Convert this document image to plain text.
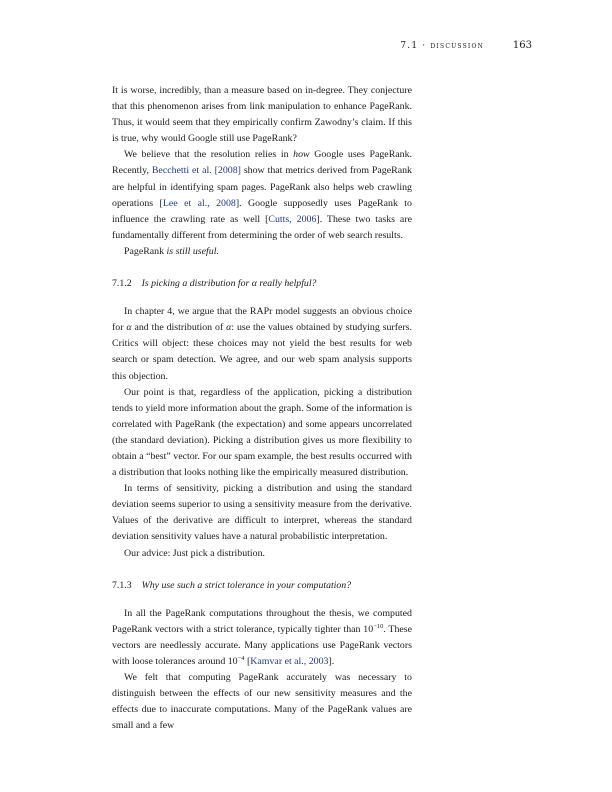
7.1 · discussion	163

It is worse, incredibly, than a measure based on in-degree. They conjecture that this phenomenon arises from link manipulation to enhance PageRank. Thus, it would seem that they empirically confirm Zawodny’s claim. If this is true, why would Google still use PageRank?

We believe that the resolution relies in how Google uses PageRank. Recently, Becchetti et al. [2008] show that metrics derived from PageRank are helpful in identifying spam pages. PageRank also helps web crawling operations [Lee et al., 2008]. Google supposedly uses PageRank to influence the crawling rate as well [Cutts, 2006]. These two tasks are fundamentally different from determining the order of web search results.

PageRank is still useful.

7.1.2 Is picking a distribution for α really helpful?

In chapter 4, we argue that the RAPr model suggests an obvious choice for α and the distribution of α: use the values obtained by studying surfers. Critics will object: these choices may not yield the best results for web search or spam detection. We agree, and our web spam analysis supports this objection.

Our point is that, regardless of the application, picking a distribution tends to yield more information about the graph. Some of the information is correlated with PageRank (the expectation) and some appears uncorrelated (the standard deviation). Picking a distribution gives us more flexibility to obtain a “best” vector. For our spam example, the best results occurred with a distribution that looks nothing like the empirically measured distribution.

In terms of sensitivity, picking a distribution and using the standard deviation seems superior to using a sensitivity measure from the derivative. Values of the derivative are difficult to interpret, whereas the standard deviation sensitivity values have a natural probabilistic interpretation.

Our advice: Just pick a distribution.

7.1.3 Why use such a strict tolerance in your computation?

In all the PageRank computations throughout the thesis, we computed PageRank vectors with a strict tolerance, typically tighter than $10^{-10}$. These vectors are needlessly accurate. Many applications use PageRank vectors with loose tolerances around $10^{-4}$ [Kamvar et al., 2003].

We felt that computing PageRank accurately was necessary to distinguish between the effects of our new sensitivity measures and the effects due to inaccurate computations. Many of the PageRank values are small and a few
